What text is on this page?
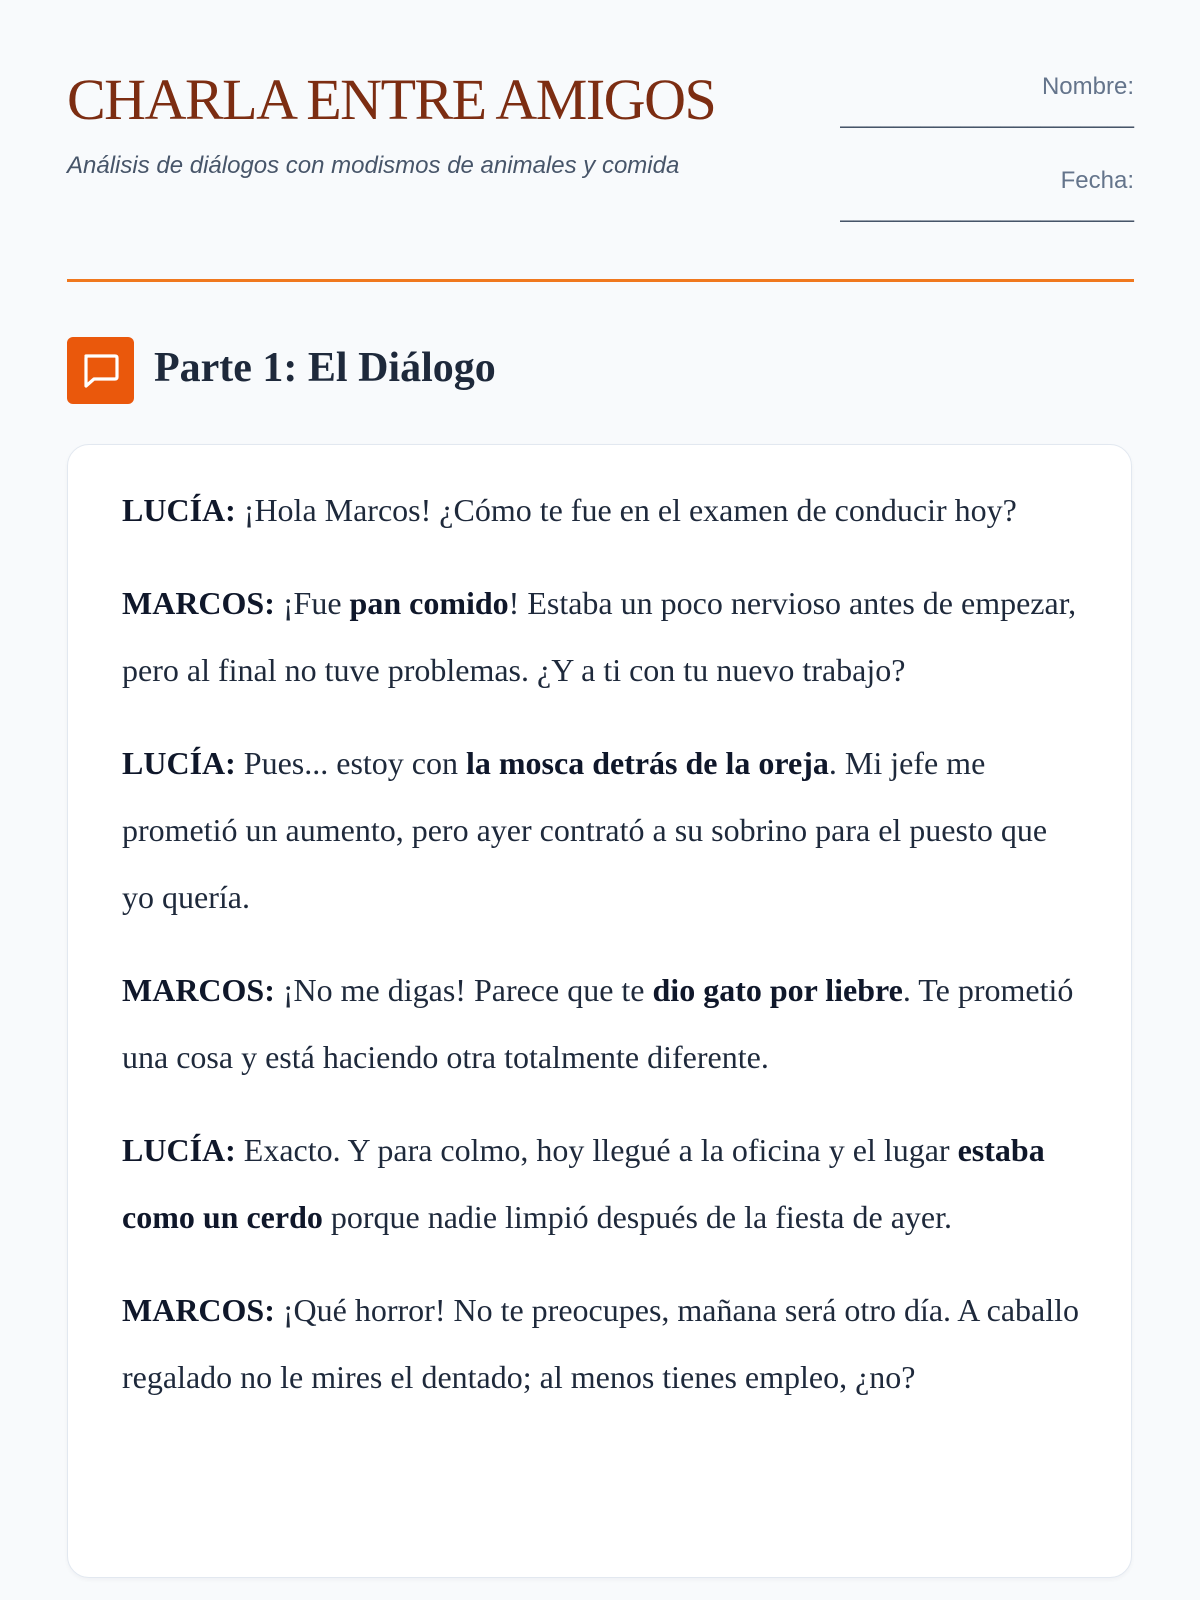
CHARLA ENTRE AMIGOS

Análisis de diálogos con modismos de animales y comida

Nombre:
______________________
Fecha:
______________________
Parte 1: El Diálogo

LUCÍA: ¡Hola Marcos! ¿Cómo te fue en el examen de conducir hoy?

MARCOS: ¡Fue pan comido! Estaba un poco nervioso antes de empezar, pero al final no tuve problemas. ¿Y a ti con tu nuevo trabajo?

LUCÍA: Pues... estoy con la mosca detrás de la oreja. Mi jefe me prometió un aumento, pero ayer contrató a su sobrino para el puesto que yo quería.

MARCOS: ¡No me digas! Parece que te dio gato por liebre. Te prometió una cosa y está haciendo otra totalmente diferente.

LUCÍA: Exacto. Y para colmo, hoy llegué a la oficina y el lugar estaba como un cerdo porque nadie limpió después de la fiesta de ayer.

MARCOS: ¡Qué horror! No te preocupes, mañana será otro día. A caballo regalado no le mires el dentado; al menos tienes empleo, ¿no?
